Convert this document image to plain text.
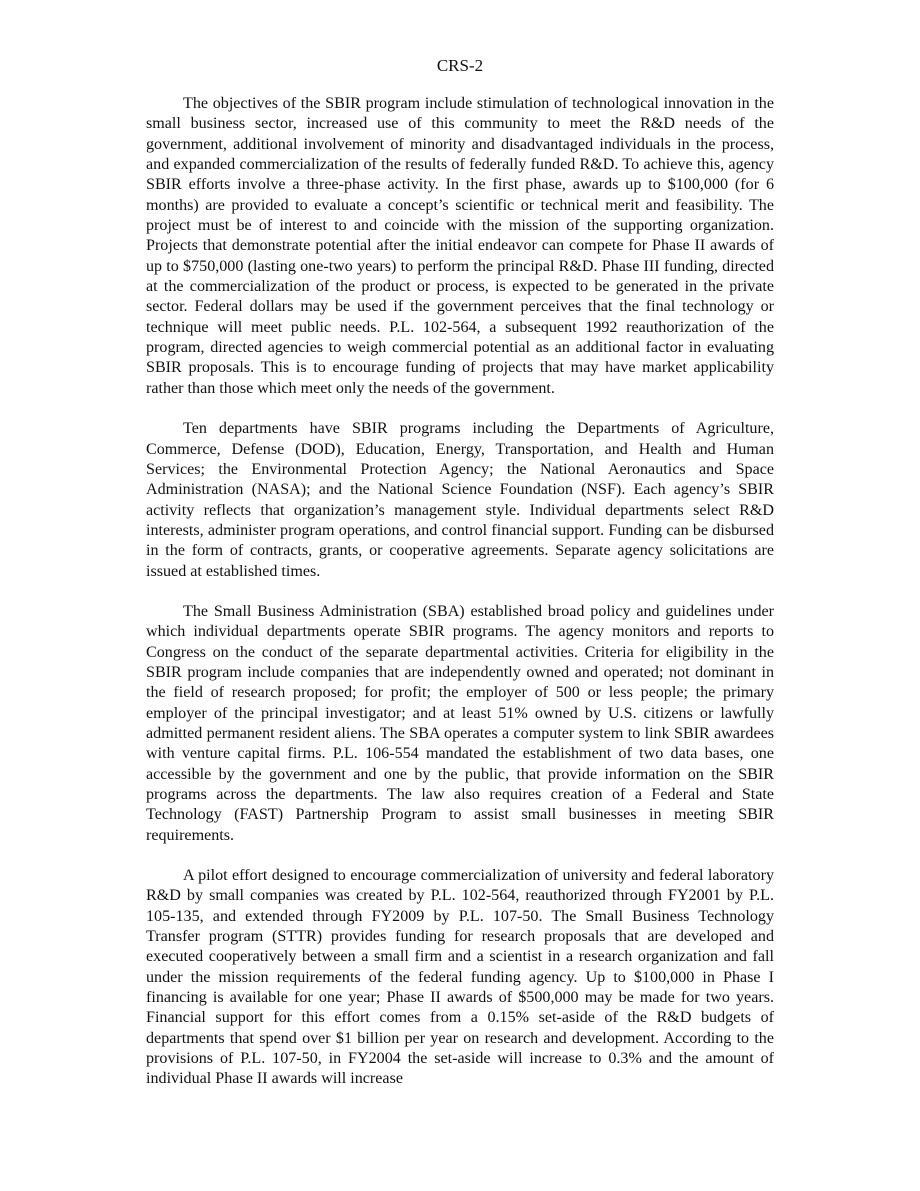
CRS-2

The objectives of the SBIR program include stimulation of technological innovation in the small business sector, increased use of this community to meet the R&D needs of the government, additional involvement of minority and disadvantaged individuals in the process, and expanded commercialization of the results of federally funded R&D. To achieve this, agency SBIR efforts involve a three-phase activity. In the first phase, awards up to $100,000 (for 6 months) are provided to evaluate a concept’s scientific or technical merit and feasibility. The project must be of interest to and coincide with the mission of the supporting organization. Projects that demonstrate potential after the initial endeavor can compete for Phase II awards of up to $750,000 (lasting one-two years) to perform the principal R&D. Phase III funding, directed at the commercialization of the product or process, is expected to be generated in the private sector. Federal dollars may be used if the government perceives that the final technology or technique will meet public needs. P.L. 102-564, a subsequent 1992 reauthorization of the program, directed agencies to weigh commercial potential as an additional factor in evaluating SBIR proposals. This is to encourage funding of projects that may have market applicability rather than those which meet only the needs of the government.

Ten departments have SBIR programs including the Departments of Agriculture, Commerce, Defense (DOD), Education, Energy, Transportation, and Health and Human Services; the Environmental Protection Agency; the National Aeronautics and Space Administration (NASA); and the National Science Foundation (NSF). Each agency’s SBIR activity reflects that organization’s management style. Individual departments select R&D interests, administer program operations, and control financial support. Funding can be disbursed in the form of contracts, grants, or cooperative agreements. Separate agency solicitations are issued at established times.

The Small Business Administration (SBA) established broad policy and guidelines under which individual departments operate SBIR programs. The agency monitors and reports to Congress on the conduct of the separate departmental activities. Criteria for eligibility in the SBIR program include companies that are independently owned and operated; not dominant in the field of research proposed; for profit; the employer of 500 or less people; the primary employer of the principal investigator; and at least 51% owned by U.S. citizens or lawfully admitted permanent resident aliens. The SBA operates a computer system to link SBIR awardees with venture capital firms. P.L. 106-554 mandated the establishment of two data bases, one accessible by the government and one by the public, that provide information on the SBIR programs across the departments. The law also requires creation of a Federal and State Technology (FAST) Partnership Program to assist small businesses in meeting SBIR requirements.

A pilot effort designed to encourage commercialization of university and federal laboratory R&D by small companies was created by P.L. 102-564, reauthorized through FY2001 by P.L. 105-135, and extended through FY2009 by P.L. 107-50. The Small Business Technology Transfer program (STTR) provides funding for research proposals that are developed and executed cooperatively between a small firm and a scientist in a research organization and fall under the mission requirements of the federal funding agency. Up to $100,000 in Phase I financing is available for one year; Phase II awards of $500,000 may be made for two years. Financial support for this effort comes from a 0.15% set-aside of the R&D budgets of departments that spend over $1 billion per year on research and development. According to the provisions of P.L. 107-50, in FY2004 the set-aside will increase to 0.3% and the amount of individual Phase II awards will increase
